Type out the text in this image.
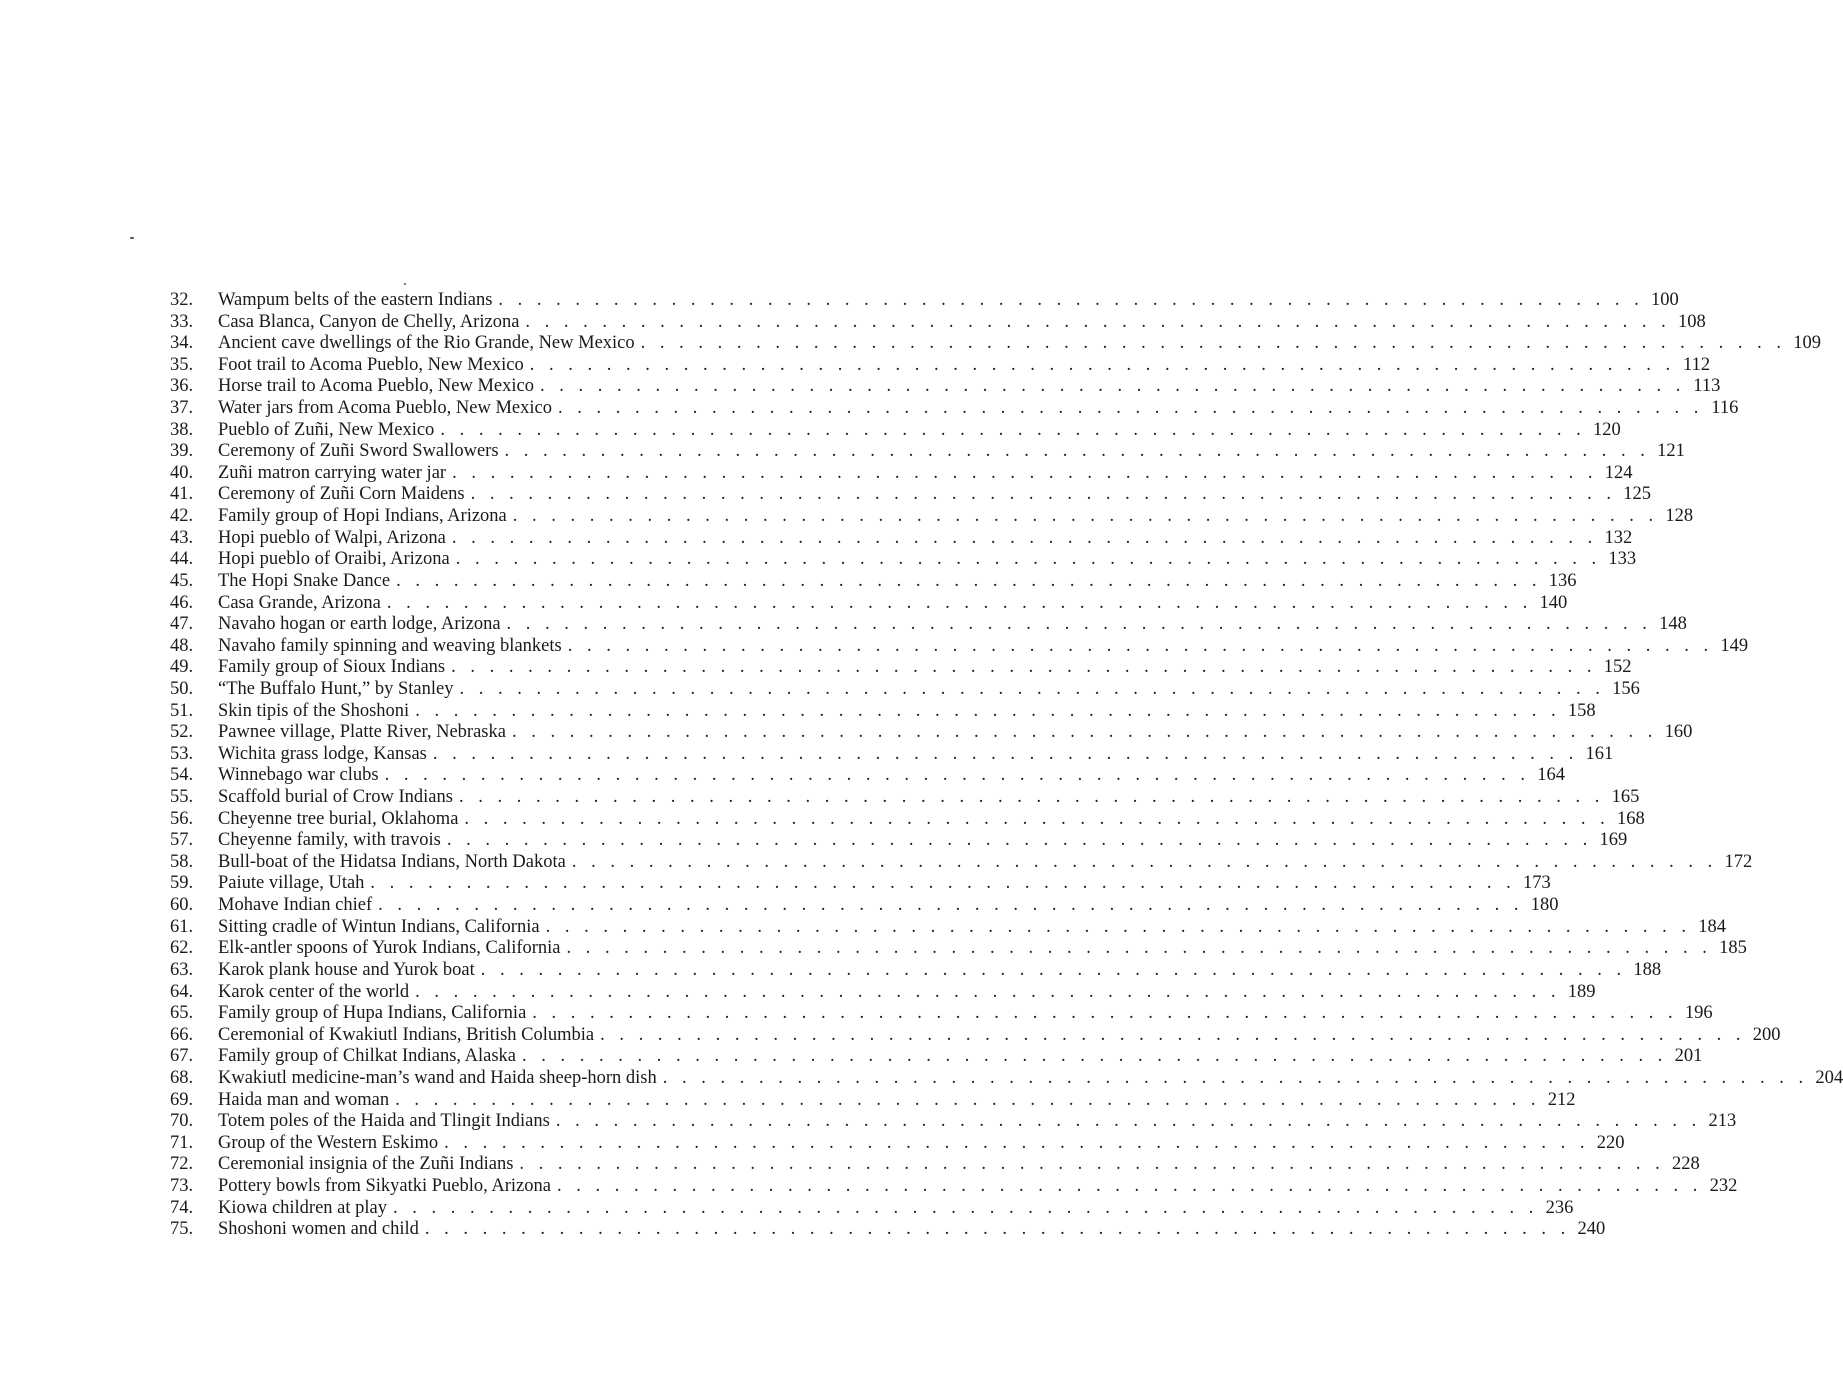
32.	Wampum belts of the eastern Indians . . . . . . . . . . . . . . . . . . . . . . . . . . . . . . . . . . . . . . . . . . . . . . . . . . . . . . . . . . . . 100
33.	Casa Blanca, Canyon de Chelly, Arizona . . . . . . . . . . . . . . . . . . . . . . . . . . . . . . . . . . . . . . . . . . . . . . . . . . . . . . . . . . . . 108
34.	Ancient cave dwellings of the Rio Grande, New Mexico . . . . . . . . . . . . . . . . . . . . . . . . . . . . . . . . . . . . . . . . . . . . . . . . . . . . . . . . . . . . 109
35.	Foot trail to Acoma Pueblo, New Mexico . . . . . . . . . . . . . . . . . . . . . . . . . . . . . . . . . . . . . . . . . . . . . . . . . . . . . . . . . . . . 112
36.	Horse trail to Acoma Pueblo, New Mexico . . . . . . . . . . . . . . . . . . . . . . . . . . . . . . . . . . . . . . . . . . . . . . . . . . . . . . . . . . . . 113
37.	Water jars from Acoma Pueblo, New Mexico . . . . . . . . . . . . . . . . . . . . . . . . . . . . . . . . . . . . . . . . . . . . . . . . . . . . . . . . . . . . 116
38.	Pueblo of Zuñi, New Mexico . . . . . . . . . . . . . . . . . . . . . . . . . . . . . . . . . . . . . . . . . . . . . . . . . . . . . . . . . . . . 120
39.	Ceremony of Zuñi Sword Swallowers . . . . . . . . . . . . . . . . . . . . . . . . . . . . . . . . . . . . . . . . . . . . . . . . . . . . . . . . . . . . 121
40.	Zuñi matron carrying water jar . . . . . . . . . . . . . . . . . . . . . . . . . . . . . . . . . . . . . . . . . . . . . . . . . . . . . . . . . . . . 124
41.	Ceremony of Zuñi Corn Maidens . . . . . . . . . . . . . . . . . . . . . . . . . . . . . . . . . . . . . . . . . . . . . . . . . . . . . . . . . . . . 125
42.	Family group of Hopi Indians, Arizona . . . . . . . . . . . . . . . . . . . . . . . . . . . . . . . . . . . . . . . . . . . . . . . . . . . . . . . . . . . . 128
43.	Hopi pueblo of Walpi, Arizona . . . . . . . . . . . . . . . . . . . . . . . . . . . . . . . . . . . . . . . . . . . . . . . . . . . . . . . . . . . . 132
44.	Hopi pueblo of Oraibi, Arizona . . . . . . . . . . . . . . . . . . . . . . . . . . . . . . . . . . . . . . . . . . . . . . . . . . . . . . . . . . . . 133
45.	The Hopi Snake Dance . . . . . . . . . . . . . . . . . . . . . . . . . . . . . . . . . . . . . . . . . . . . . . . . . . . . . . . . . . . . 136
46.	Casa Grande, Arizona . . . . . . . . . . . . . . . . . . . . . . . . . . . . . . . . . . . . . . . . . . . . . . . . . . . . . . . . . . . . 140
47.	Navaho hogan or earth lodge, Arizona . . . . . . . . . . . . . . . . . . . . . . . . . . . . . . . . . . . . . . . . . . . . . . . . . . . . . . . . . . . . 148
48.	Navaho family spinning and weaving blankets . . . . . . . . . . . . . . . . . . . . . . . . . . . . . . . . . . . . . . . . . . . . . . . . . . . . . . . . . . . . 149
49.	Family group of Sioux Indians . . . . . . . . . . . . . . . . . . . . . . . . . . . . . . . . . . . . . . . . . . . . . . . . . . . . . . . . . . . . 152
50.	“The Buffalo Hunt,” by Stanley . . . . . . . . . . . . . . . . . . . . . . . . . . . . . . . . . . . . . . . . . . . . . . . . . . . . . . . . . . . . 156
51.	Skin tipis of the Shoshoni . . . . . . . . . . . . . . . . . . . . . . . . . . . . . . . . . . . . . . . . . . . . . . . . . . . . . . . . . . . . 158
52.	Pawnee village, Platte River, Nebraska . . . . . . . . . . . . . . . . . . . . . . . . . . . . . . . . . . . . . . . . . . . . . . . . . . . . . . . . . . . . 160
53.	Wichita grass lodge, Kansas . . . . . . . . . . . . . . . . . . . . . . . . . . . . . . . . . . . . . . . . . . . . . . . . . . . . . . . . . . . . 161
54.	Winnebago war clubs . . . . . . . . . . . . . . . . . . . . . . . . . . . . . . . . . . . . . . . . . . . . . . . . . . . . . . . . . . . . 164
55.	Scaffold burial of Crow Indians . . . . . . . . . . . . . . . . . . . . . . . . . . . . . . . . . . . . . . . . . . . . . . . . . . . . . . . . . . . . 165
56.	Cheyenne tree burial, Oklahoma . . . . . . . . . . . . . . . . . . . . . . . . . . . . . . . . . . . . . . . . . . . . . . . . . . . . . . . . . . . . 168
57.	Cheyenne family, with travois . . . . . . . . . . . . . . . . . . . . . . . . . . . . . . . . . . . . . . . . . . . . . . . . . . . . . . . . . . . . 169
58.	Bull-boat of the Hidatsa Indians, North Dakota . . . . . . . . . . . . . . . . . . . . . . . . . . . . . . . . . . . . . . . . . . . . . . . . . . . . . . . . . . . . 172
59.	Paiute village, Utah . . . . . . . . . . . . . . . . . . . . . . . . . . . . . . . . . . . . . . . . . . . . . . . . . . . . . . . . . . . . 173
60.	Mohave Indian chief . . . . . . . . . . . . . . . . . . . . . . . . . . . . . . . . . . . . . . . . . . . . . . . . . . . . . . . . . . . . 180
61.	Sitting cradle of Wintun Indians, California . . . . . . . . . . . . . . . . . . . . . . . . . . . . . . . . . . . . . . . . . . . . . . . . . . . . . . . . . . . . 184
62.	Elk-antler spoons of Yurok Indians, California . . . . . . . . . . . . . . . . . . . . . . . . . . . . . . . . . . . . . . . . . . . . . . . . . . . . . . . . . . . . 185
63.	Karok plank house and Yurok boat . . . . . . . . . . . . . . . . . . . . . . . . . . . . . . . . . . . . . . . . . . . . . . . . . . . . . . . . . . . . 188
64.	Karok center of the world . . . . . . . . . . . . . . . . . . . . . . . . . . . . . . . . . . . . . . . . . . . . . . . . . . . . . . . . . . . . 189
65.	Family group of Hupa Indians, California . . . . . . . . . . . . . . . . . . . . . . . . . . . . . . . . . . . . . . . . . . . . . . . . . . . . . . . . . . . . 196
66.	Ceremonial of Kwakiutl Indians, British Columbia . . . . . . . . . . . . . . . . . . . . . . . . . . . . . . . . . . . . . . . . . . . . . . . . . . . . . . . . . . . . 200
67.	Family group of Chilkat Indians, Alaska . . . . . . . . . . . . . . . . . . . . . . . . . . . . . . . . . . . . . . . . . . . . . . . . . . . . . . . . . . . . 201
68.	Kwakiutl medicine-man’s wand and Haida sheep-horn dish . . . . . . . . . . . . . . . . . . . . . . . . . . . . . . . . . . . . . . . . . . . . . . . . . . . . . . . . . . . . 204
69.	Haida man and woman . . . . . . . . . . . . . . . . . . . . . . . . . . . . . . . . . . . . . . . . . . . . . . . . . . . . . . . . . . . . 212
70.	Totem poles of the Haida and Tlingit Indians . . . . . . . . . . . . . . . . . . . . . . . . . . . . . . . . . . . . . . . . . . . . . . . . . . . . . . . . . . . . 213
71.	Group of the Western Eskimo . . . . . . . . . . . . . . . . . . . . . . . . . . . . . . . . . . . . . . . . . . . . . . . . . . . . . . . . . . . . 220
72.	Ceremonial insignia of the Zuñi Indians . . . . . . . . . . . . . . . . . . . . . . . . . . . . . . . . . . . . . . . . . . . . . . . . . . . . . . . . . . . . 228
73.	Pottery bowls from Sikyatki Pueblo, Arizona . . . . . . . . . . . . . . . . . . . . . . . . . . . . . . . . . . . . . . . . . . . . . . . . . . . . . . . . . . . . 232
74.	Kiowa children at play . . . . . . . . . . . . . . . . . . . . . . . . . . . . . . . . . . . . . . . . . . . . . . . . . . . . . . . . . . . . 236
75.	Shoshoni women and child . . . . . . . . . . . . . . . . . . . . . . . . . . . . . . . . . . . . . . . . . . . . . . . . . . . . . . . . . . . . 240
